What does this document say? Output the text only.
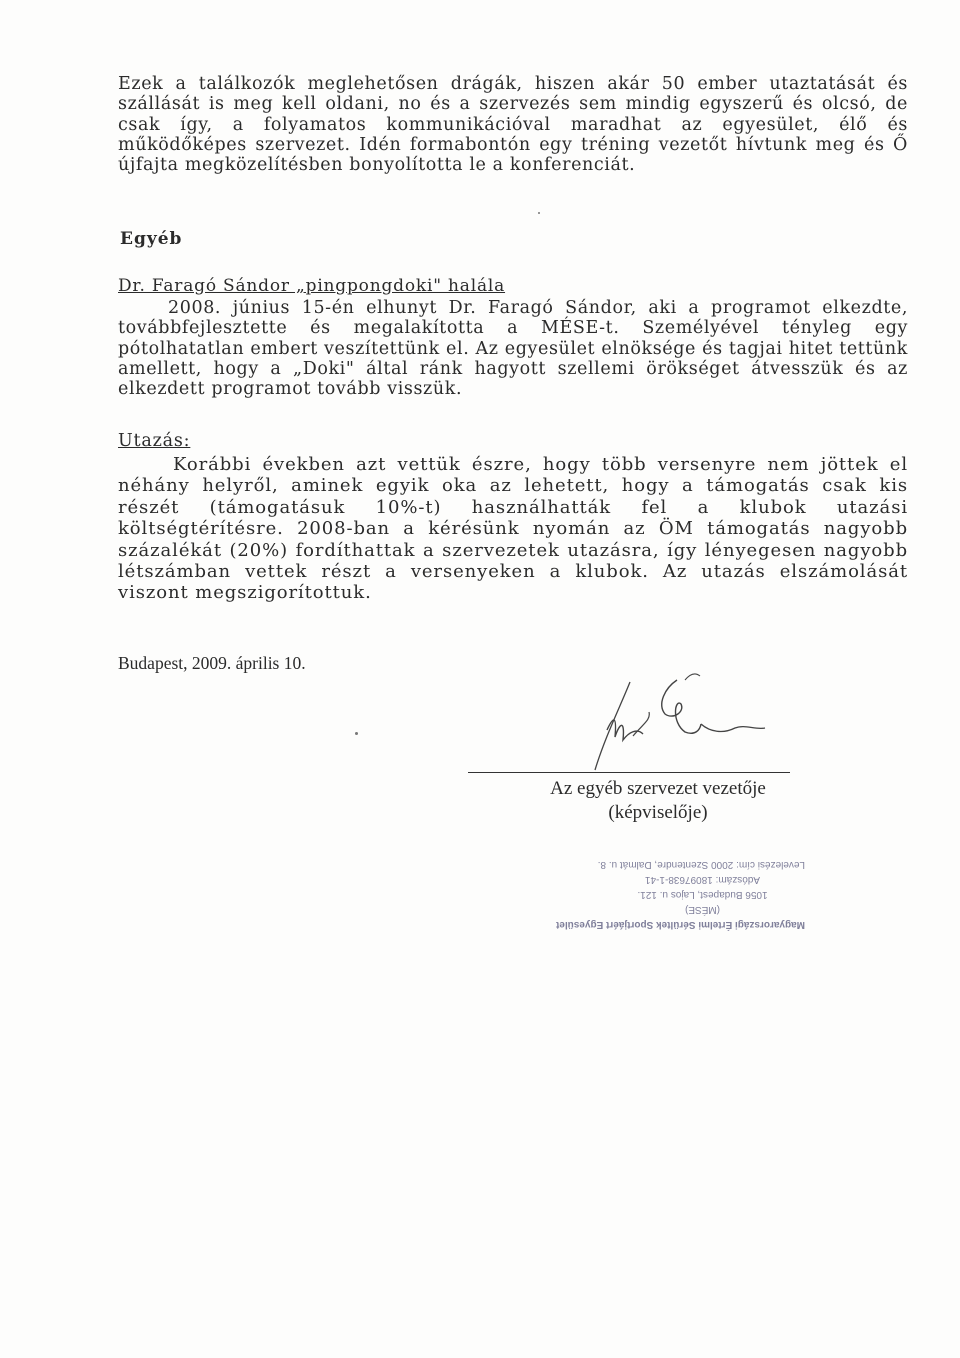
Ezek a találkozók meglehetősen drágák, hiszen akár 50 ember utaztatását és szállását is meg kell oldani, no és a szervezés sem mindig egyszerű és olcsó, de csak így, a folyamatos kommunikációval maradhat az egyesület, élő és működőképes szervezet. Idén formabontón egy tréning vezetőt hívtunk meg és Ő újfajta megközelítésben bonyolította le a konferenciát.
Egyéb
Dr. Faragó Sándor „pingpongdoki" halála
2008. június 15-én elhunyt Dr. Faragó Sándor, aki a programot elkezdte, továbbfejlesztette és megalakította a MÉSE-t. Személyével tényleg egy pótolhatatlan embert veszítettünk el. Az egyesület elnöksége és tagjai hitet tettünk amellett, hogy a „Doki" által ránk hagyott szellemi örökséget átvesszük és az elkezdett programot tovább visszük.
Utazás:
Korábbi években azt vettük észre, hogy több versenyre nem jöttek el néhány helyről, aminek egyik oka az lehetett, hogy a támogatás csak kis részét (támogatásuk 10%-t) használhatták fel a klubok utazási költségtérítésre. 2008-ban a kérésünk nyomán az ÖM támogatás nagyobb százalékát (20%) fordíthattak a szervezetek utazásra, így lényegesen nagyobb létszámban vettek részt a versenyeken a klubok. Az utazás elszámolását viszont megszigorítottuk.
Budapest, 2009. április 10.
Az egyéb szervezet vezetője
(képviselője)
Magyarországi Értelmi Sérültek Sportjáért Egyesület
(MÉSE)
1056 Budapest, Lajos u. 121.
Adószám: 18097638-1-41
Levelezési cím: 2000 Szentendre, Dalmát u. 8.
